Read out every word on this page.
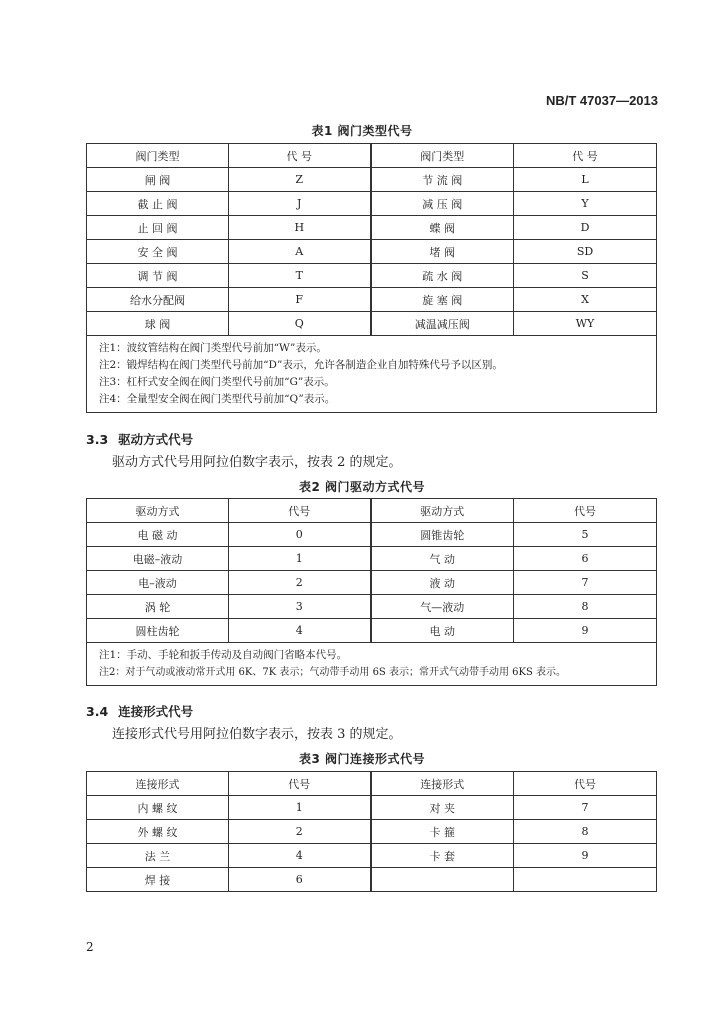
NB/T 47037—2013
表1 阀门类型代号
阀门类型	代 号	阀门类型	代 号
闸 阀	Z	节 流 阀	L
截 止 阀	J	减 压 阀	Y
止 回 阀	H	蝶 阀	D
安 全 阀	A	堵 阀	SD
调 节 阀	T	疏 水 阀	S
给水分配阀	F	旋 塞 阀	X
球 阀	Q	减温减压阀	WY

注1：波纹管结构在阀门类型代号前加“W”表示。
注2：锻焊结构在阀门类型代号前加“D”表示，允许各制造企业自加特殊代号予以区别。
注3：杠杆式安全阀在阀门类型代号前加“G”表示。
注4：全量型安全阀在阀门类型代号前加“Q”表示。			
3.3 驱动方式代号
驱动方式代号用阿拉伯数字表示，按表 2 的规定。
表2 阀门驱动方式代号
驱动方式	代号	驱动方式	代号
电 磁 动	0	圆锥齿轮	5
电磁–液动	1	气 动	6
电–液动	2	液 动	7
涡 轮	3	气—液动	8
圆柱齿轮	4	电 动	9

注1：手动、手轮和扳手传动及自动阀门省略本代号。
注2：对于气动或液动常开式用 6K、7K 表示；气动带手动用 6S 表示；常开式气动带手动用 6KS 表示。			
3.4 连接形式代号
连接形式代号用阿拉伯数字表示，按表 3 的规定。
表3 阀门连接形式代号
连接形式	代号	连接形式	代号
内 螺 纹	1	对 夹	7
外 螺 纹	2	卡 箍	8
法 兰	4	卡 套	9
焊 接	6		
2
